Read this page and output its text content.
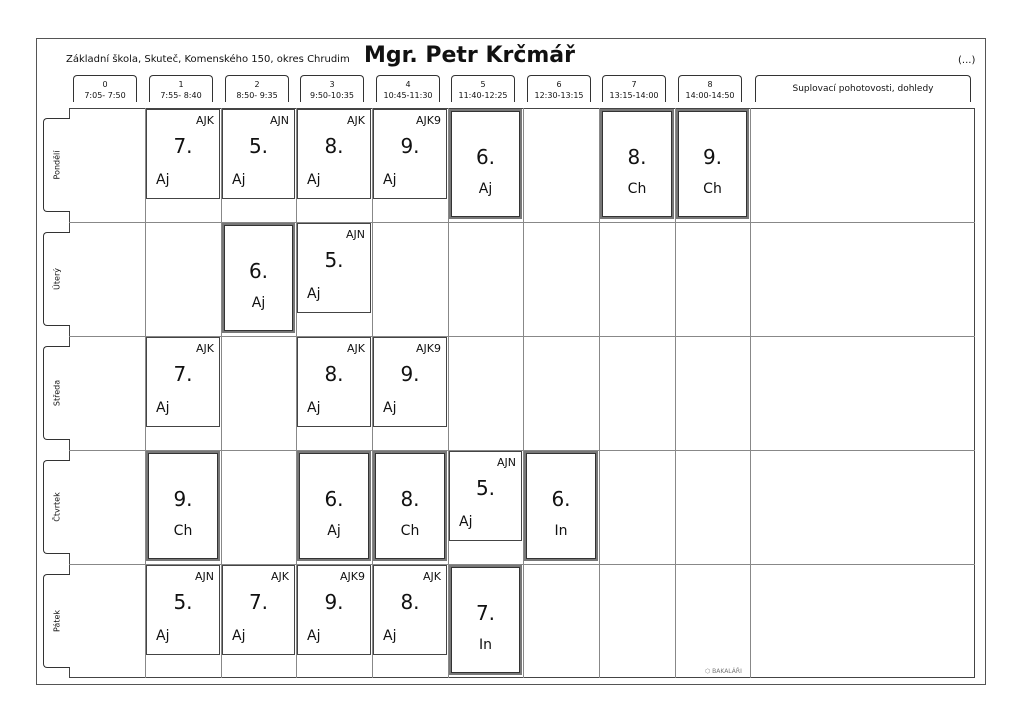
Základní škola, Skuteč, Komenského 150, okres Chrudim Mgr. Petr Krčmář	(...)
0
7:05- 7:50
1
7:55- 8:40
2
8:50- 9:35
3
9:50-10:35
4
10:45-11:30
5
11:40-12:25
6
12:30-13:15
7
13:15-14:00
8
14:00-14:50
Suplovací pohotovosti, dohledy
Pondělí
Úterý
Středa
Čtvrtek
Pátek
AJK
7.
Aj
AJN
5.
Aj
AJK
8.
Aj
AJK9
9.
Aj
6.
Aj
8.
Ch
9.
Ch
6.
Aj
AJN
5.
Aj
AJK
7.
Aj
AJK
8.
Aj
AJK9
9.
Aj
9.
Ch
6.
Aj
8.
Ch
AJN
5.
Aj
6.
In
AJN
5.
Aj
AJK
7.
Aj
AJK9
9.
Aj
AJK
8.
Aj
7.
In
⬡ BAKALÁŘI
